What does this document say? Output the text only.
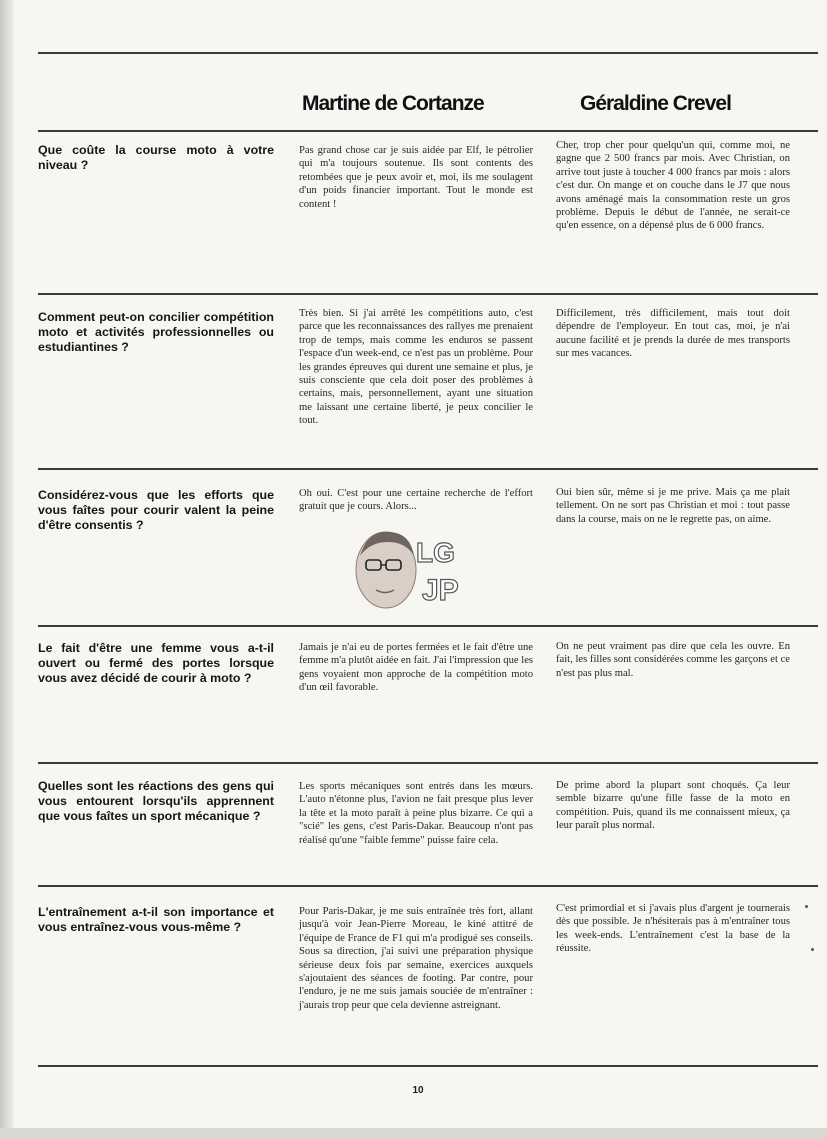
Martine de Cortanze	Géraldine Crevel
Que coûte la course moto à votre niveau ?
Pas grand chose car je suis aidée par Elf, le pétrolier qui m'a toujours soutenue. Ils sont contents des retombées que je peux avoir et, moi, ils me soulagent d'un poids financier important. Tout le monde est content !
Cher, trop cher pour quelqu'un qui, comme moi, ne gagne que 2 500 francs par mois. Avec Christian, on arrive tout juste à toucher 4 000 francs par mois : alors c'est dur. On mange et on couche dans le J7 que nous avons aménagé mais la consommation reste un gros problème. Depuis le début de l'année, ne serait-ce qu'en essence, on a dépensé plus de 6 000 francs.
Comment peut-on concilier compétition moto et activités professionnelles ou estudiantines ?
Très bien. Si j'ai arrêté les compétitions auto, c'est parce que les reconnaissances des rallyes me prenaient trop de temps, mais comme les enduros se passent l'espace d'un week-end, ce n'est pas un problème. Pour les grandes épreuves qui durent une semaine et plus, je suis consciente que cela doit poser des problèmes à certains, mais, personnellement, ayant une situation me laissant une certaine liberté, je peux concilier le tout.
Difficilement, très difficilement, mais tout doit dépendre de l'employeur. En tout cas, moi, je n'ai aucune facilité et je prends la durée de mes transports sur mes vacances.
Considérez-vous que les efforts que vous faîtes pour courir valent la peine d'être consentis ?
Oh oui. C'est pour une certaine recherche de l'effort gratuit que je cours. Alors...
Oui bien sûr, même si je me prive. Mais ça me plait tellement. On ne sort pas Christian et moi : tout passe dans la course, mais on ne le regrette pas, on aime.
LG
JP
Le fait d'être une femme vous a-t-il ouvert ou fermé des portes lorsque vous avez décidé de courir à moto ?
Jamais je n'ai eu de portes fermées et le fait d'être une femme m'a plutôt aidée en fait. J'ai l'impression que les gens voyaient mon approche de la compétition moto d'un œil favorable.
On ne peut vraiment pas dire que cela les ouvre. En fait, les filles sont considérées comme les garçons et ce n'est pas plus mal.
Quelles sont les réactions des gens qui vous entourent lorsqu'ils apprennent que vous faîtes un sport mécanique ?
Les sports mécaniques sont entrés dans les mœurs. L'auto n'étonne plus, l'avion ne fait presque plus lever la tête et la moto paraît à peine plus bizarre. Ce qui a "scié" les gens, c'est Paris-Dakar. Beaucoup n'ont pas réalisé qu'une "faible femme" puisse faire cela.
De prime abord la plupart sont choqués. Ça leur semble bizarre qu'une fille fasse de la moto en compétition. Puis, quand ils me connaissent mieux, ça leur paraît plus normal.
L'entraînement a-t-il son importance et vous entraînez-vous vous-même ?
Pour Paris-Dakar, je me suis entraînée très fort, allant jusqu'à voir Jean-Pierre Moreau, le kiné attitré de l'équipe de France de F1 qui m'a prodigué ses conseils. Sous sa direction, j'ai suivi une préparation physique sérieuse deux fois par semaine, exercices auxquels s'ajoutaient des séances de footing. Par contre, pour l'enduro, je ne me suis jamais souciée de m'entraîner : j'aurais trop peur que cela devienne astreignant.
C'est primordial et si j'avais plus d'argent je tournerais dès que possible. Je n'hésiterais pas à m'entraîner tous les week-ends. L'entraînement c'est la base de la réussite.
10
